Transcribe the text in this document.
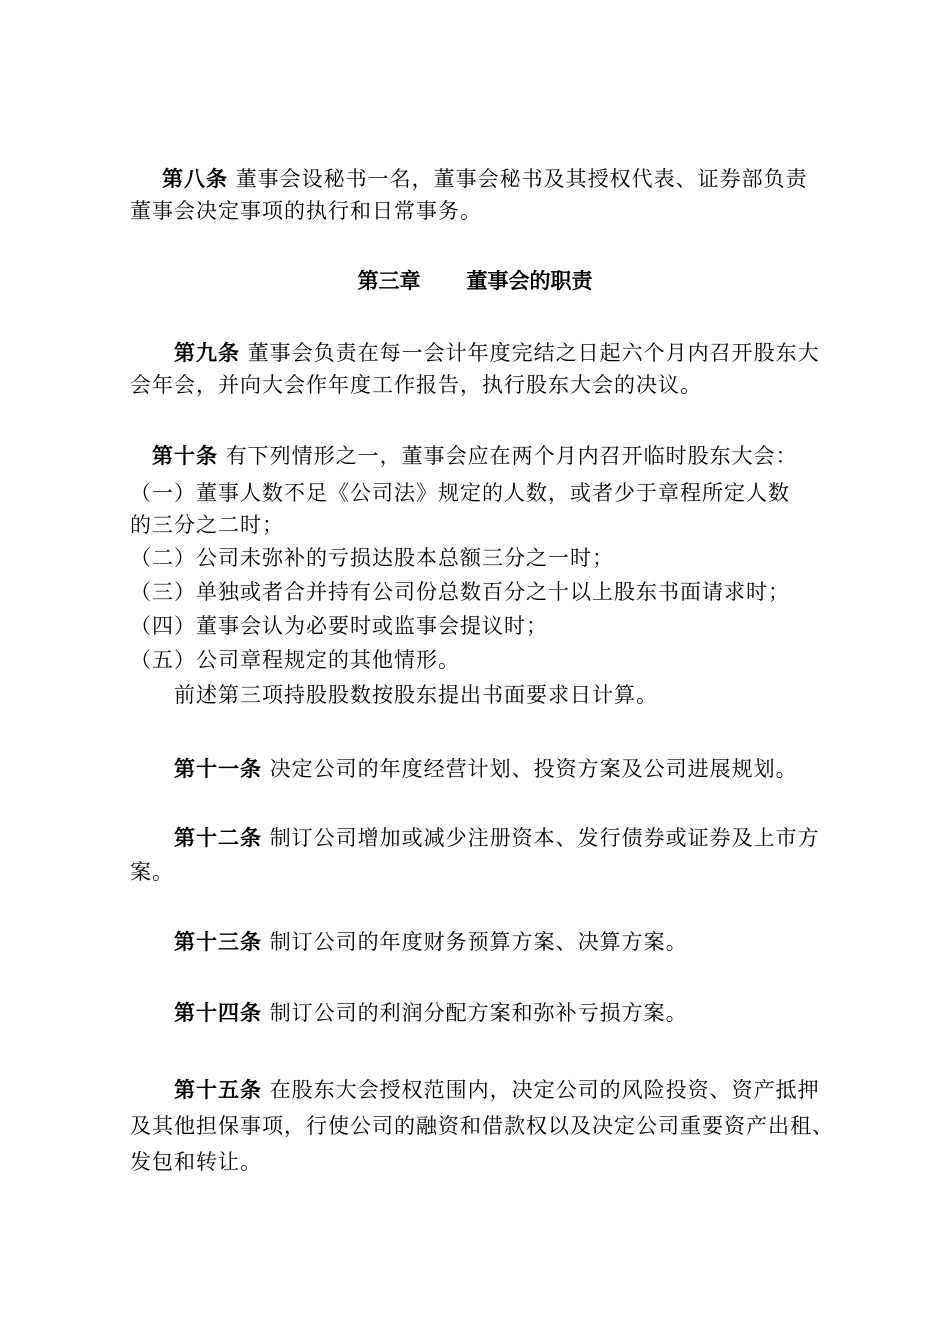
第八条 董事会设秘书一名，董事会秘书及其授权代表、证券部负责
董事会决定事项的执行和日常事务。
第三章 董事会的职责
第九条 董事会负责在每一会计年度完结之日起六个月内召开股东大
会年会，并向大会作年度工作报告，执行股东大会的决议。
第十条 有下列情形之一，董事会应在两个月内召开临时股东大会：
（一）董事人数不足《公司法》规定的人数，或者少于章程所定人数
的三分之二时；
（二）公司未弥补的亏损达股本总额三分之一时；
（三）单独或者合并持有公司份总数百分之十以上股东书面请求时；
（四）董事会认为必要时或监事会提议时；
（五）公司章程规定的其他情形。
前述第三项持股股数按股东提出书面要求日计算。
第十一条 决定公司的年度经营计划、投资方案及公司进展规划。
第十二条 制订公司增加或减少注册资本、发行债券或证券及上市方
案。
第十三条 制订公司的年度财务预算方案、决算方案。
第十四条 制订公司的利润分配方案和弥补亏损方案。
第十五条 在股东大会授权范围内，决定公司的风险投资、资产抵押
及其他担保事项，行使公司的融资和借款权以及决定公司重要资产出租、
发包和转让。
